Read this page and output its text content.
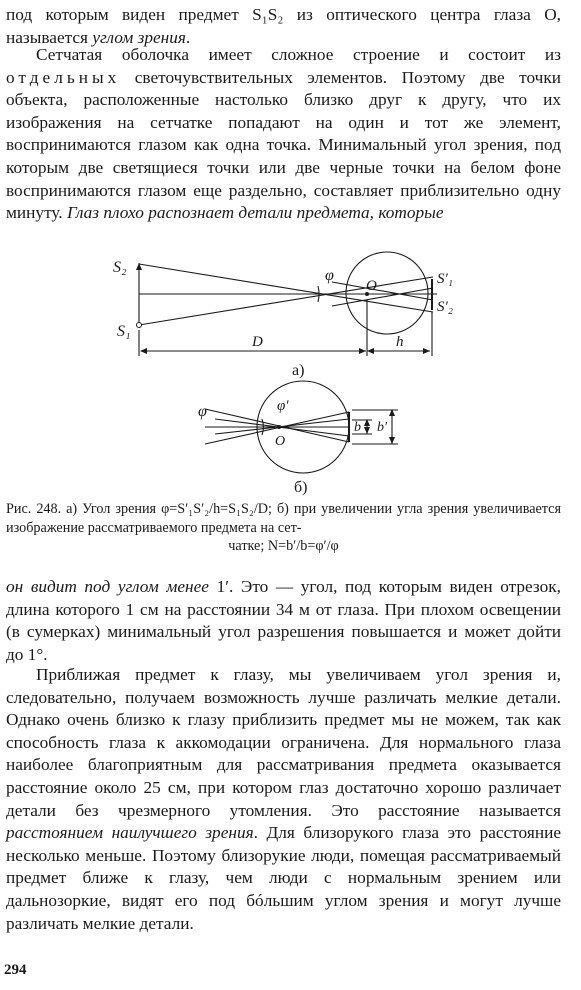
под которым виден предмет S₁S₂ из оптического центра глаза O, называется углом зрения.

Сетчатая оболочка имеет сложное строение и состоит из отдельных светочувствительных элементов. Поэтому две точки объекта, расположенные настолько близко друг к другу, что их изображения на сетчатке попадают на один и тот же элемент, воспринимаются глазом как одна точка. Минимальный угол зрения, под которым две светящиеся точки или две черные точки на белом фоне воспринимаются глазом еще раздельно, составляет приблизительно одну минуту. Глаз плохо распознает детали предмета, которые

S₂
S₁
φ
O	S′₁
S′₂
D	h
а)
φ	φ′
O
b b′
б)

Рис. 248. а) Угол зрения φ=S′₁S′₂/h=S₁S₂/D; б) при увеличении угла зрения увеличивается изображение рассматриваемого предмета на сет-
чатке; N=b′/b=φ′/φ

он видит под углом менее 1′. Это — угол, под которым виден отрезок, длина которого 1 см на расстоянии 34 м от глаза. При плохом освещении (в сумерках) минимальный угол разрешения повышается и может дойти до 1°.

Приближая предмет к глазу, мы увеличиваем угол зрения и, следовательно, получаем возможность лучше различать мелкие детали. Однако очень близко к глазу приблизить предмет мы не можем, так как способность глаза к аккомодации ограничена. Для нормального глаза наиболее благоприятным для рассматривания предмета оказывается расстояние около 25 см, при котором глаз достаточно хорошо различает детали без чрезмерного утомления. Это расстояние называется расстоянием наилучшего зрения. Для близорукого глаза это расстояние несколько меньше. Поэтому близорукие люди, помещая рассматриваемый предмет ближе к глазу, чем люди с нормальным зрением или дальнозоркие, видят его под бóльшим углом зрения и могут лучше различать мелкие детали.

294
